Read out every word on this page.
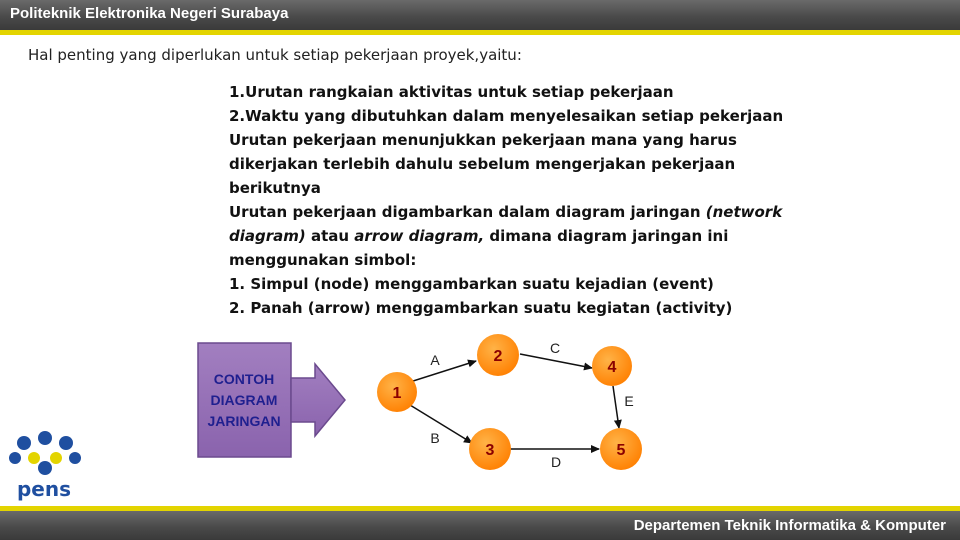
Politeknik Elektronika Negeri Surabaya
Hal penting yang diperlukan untuk setiap pekerjaan proyek,yaitu:
1.Urutan rangkaian aktivitas untuk setiap pekerjaan
2.Waktu yang dibutuhkan dalam menyelesaikan setiap pekerjaan
Urutan pekerjaan menunjukkan pekerjaan mana yang harus
dikerjakan terlebih dahulu sebelum mengerjakan pekerjaan
berikutnya
Urutan pekerjaan digambarkan dalam diagram jaringan (network
diagram) atau arrow diagram, dimana diagram jaringan ini
menggunakan simbol:
1. Simpul (node) menggambarkan suatu kejadian (event)
2. Panah (arrow) menggambarkan suatu kegiatan (activity)
CONTOH
DIAGRAM
JARINGAN
A
B
C
D
E
1
2
3
4
5
pens
Departemen Teknik Informatika & Komputer
